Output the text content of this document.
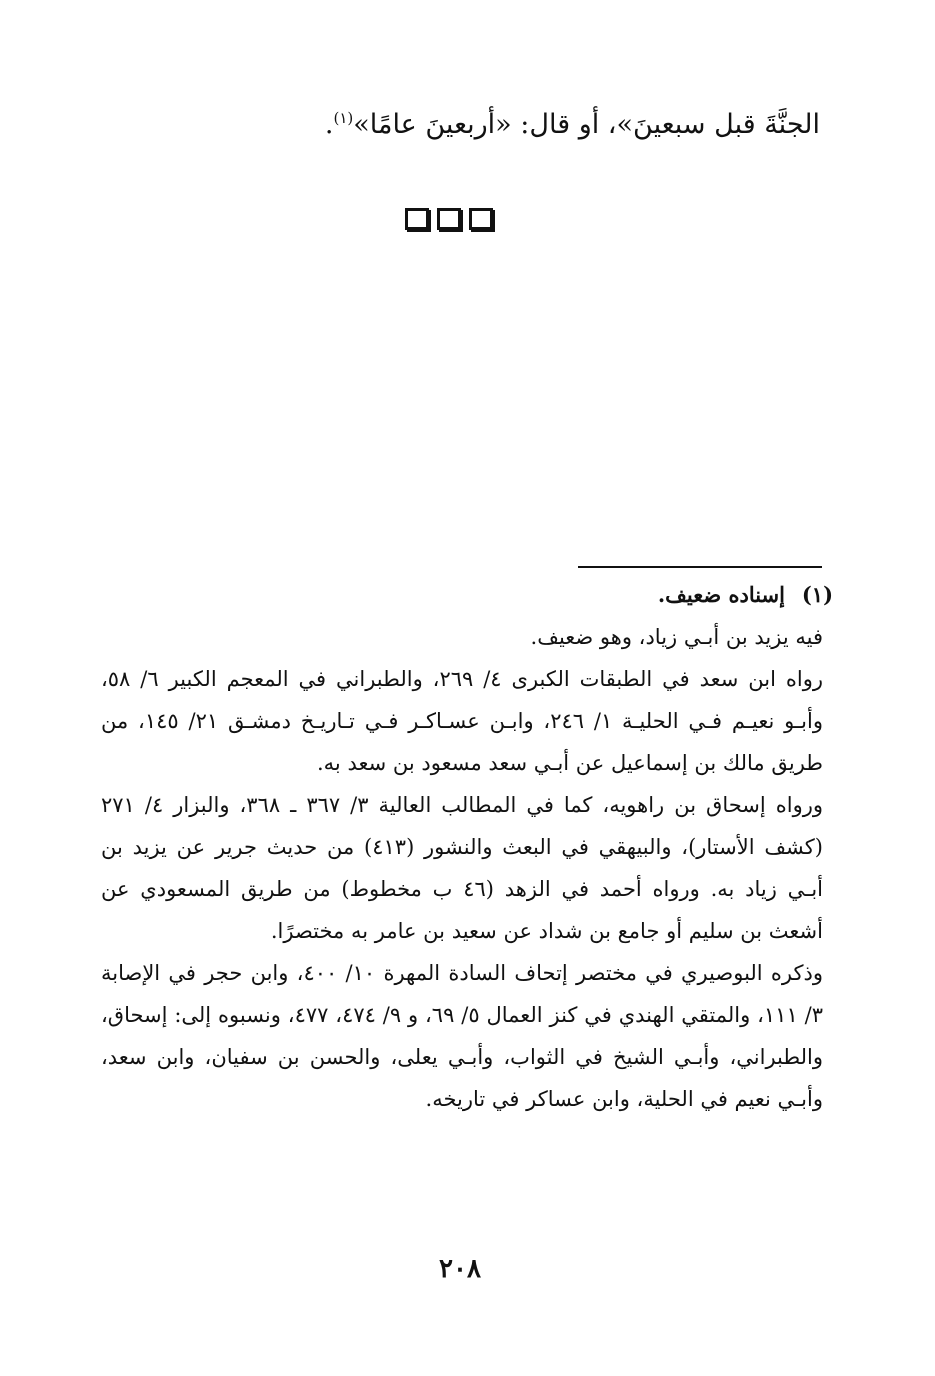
الجنَّةَ قبل سبعينَ»، أو قال: «أربعينَ عامًا»$^{(١)}$.
(١)
إسناده ضعيف.

فيه يزيد بن أبـي زياد، وهو ضعيف.

رواه ابن سعد في الطبقات الكبرى ٤/ ٢٦٩، والطبراني في المعجم الكبير ٦/ ٥٨، وأبـو نعيـم فـي الحليـة ١/ ٢٤٦، وابـن عسـاكـر فـي تـاريـخ دمشـق ٢١/ ١٤٥، من طريق مالك بن إسماعيل عن أبـي سعد مسعود بن سعد به.

ورواه إسحاق بن راهويه، كما في المطالب العالية ٣/ ٣٦٧ ـ ٣٦٨، والبزار ٤/ ٢٧١ (كشف الأستار)، والبيهقي في البعث والنشور (٤١٣) من حديث جرير عن يزيد بن أبـي زياد به. ورواه أحمد في الزهد (٤٦ ب مخطوط) من طريق المسعودي عن أشعث بن سليم أو جامع بن شداد عن سعيد بن عامر به مختصرًا.

وذكره البوصيري في مختصر إتحاف السادة المهرة ١٠/ ٤٠٠، وابن حجر في الإصابة ٣/ ١١١، والمتقي الهندي في كنز العمال ٥/ ٦٩، و ٩/ ٤٧٤، ٤٧٧، ونسبوه إلى: إسحاق، والطبراني، وأبـي الشيخ في الثواب، وأبـي يعلى، والحسن بن سفيان، وابن سعد، وأبـي نعيم في الحلية، وابن عساكر في تاريخه.

٢٠٨
